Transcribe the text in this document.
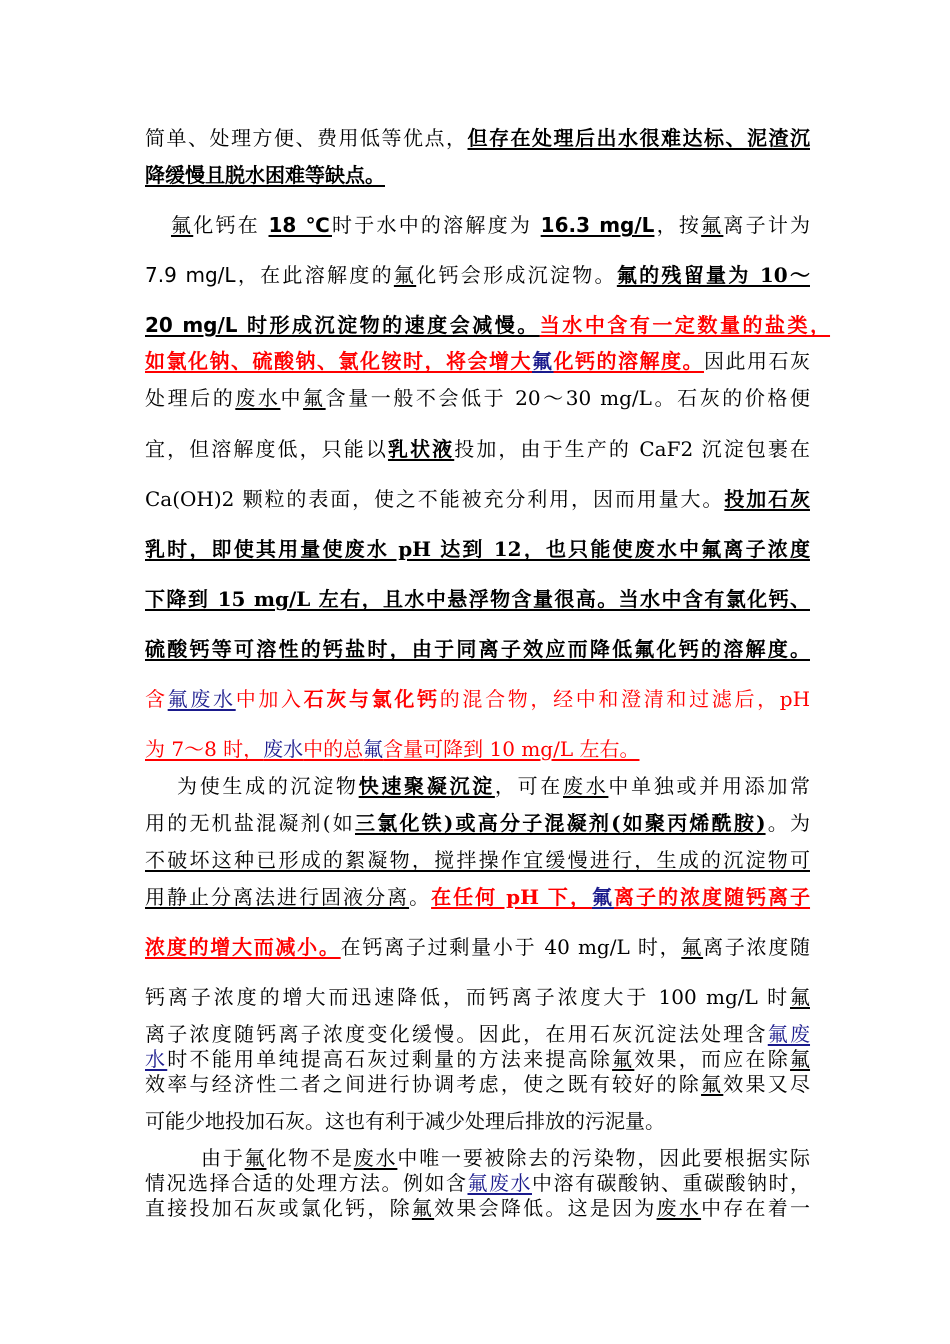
简单、处理方便、费用低等优点，但存在处理后出水很难达标、泥渣沉
降缓慢且脱水困难等缺点。
氟化钙在 18 ℃时于水中的溶解度为 16.3 mg/L，按氟离子计为
7.9 mg/L，在此溶解度的氟化钙会形成沉淀物。氟的残留量为 10～
20 mg/L 时形成沉淀物的速度会减慢。当水中含有一定数量的盐类，
如氯化钠、硫酸钠、氯化铵时，将会增大氟化钙的溶解度。因此用石灰
处理后的废水中氟含量一般不会低于 20～30 mg/L。石灰的价格便
宜，但溶解度低，只能以乳状液投加，由于生产的 CaF2 沉淀包裹在
Ca(OH)2 颗粒的表面，使之不能被充分利用，因而用量大。投加石灰
乳时，即使其用量使废水 pH 达到 12，也只能使废水中氟离子浓度
下降到 15 mg/L 左右，且水中悬浮物含量很高。当水中含有氯化钙、
硫酸钙等可溶性的钙盐时，由于同离子效应而降低氟化钙的溶解度。
含氟废水中加入石灰与氯化钙的混合物，经中和澄清和过滤后，pH
为 7～8 时，废水中的总氟含量可降到 10 mg/L 左右。
为使生成的沉淀物快速聚凝沉淀，可在废水中单独或并用添加常
用的无机盐混凝剂(如三氯化铁)或高分子混凝剂(如聚丙烯酰胺)。为
不破坏这种已形成的絮凝物，搅拌操作宜缓慢进行，生成的沉淀物可
用静止分离法进行固液分离。在任何 pH 下，氟离子的浓度随钙离子
浓度的增大而减小。在钙离子过剩量小于 40 mg/L 时，氟离子浓度随
钙离子浓度的增大而迅速降低，而钙离子浓度大于 100 mg/L 时氟
离子浓度随钙离子浓度变化缓慢。因此，在用石灰沉淀法处理含氟废
水时不能用单纯提高石灰过剩量的方法来提高除氟效果，而应在除氟
效率与经济性二者之间进行协调考虑，使之既有较好的除氟效果又尽
可能少地投加石灰。这也有利于减少处理后排放的污泥量。
由于氟化物不是废水中唯一要被除去的污染物，因此要根据实际
情况选择合适的处理方法。例如含氟废水中溶有碳酸钠、重碳酸钠时，
直接投加石灰或氯化钙，除氟效果会降低。这是因为废水中存在着一
